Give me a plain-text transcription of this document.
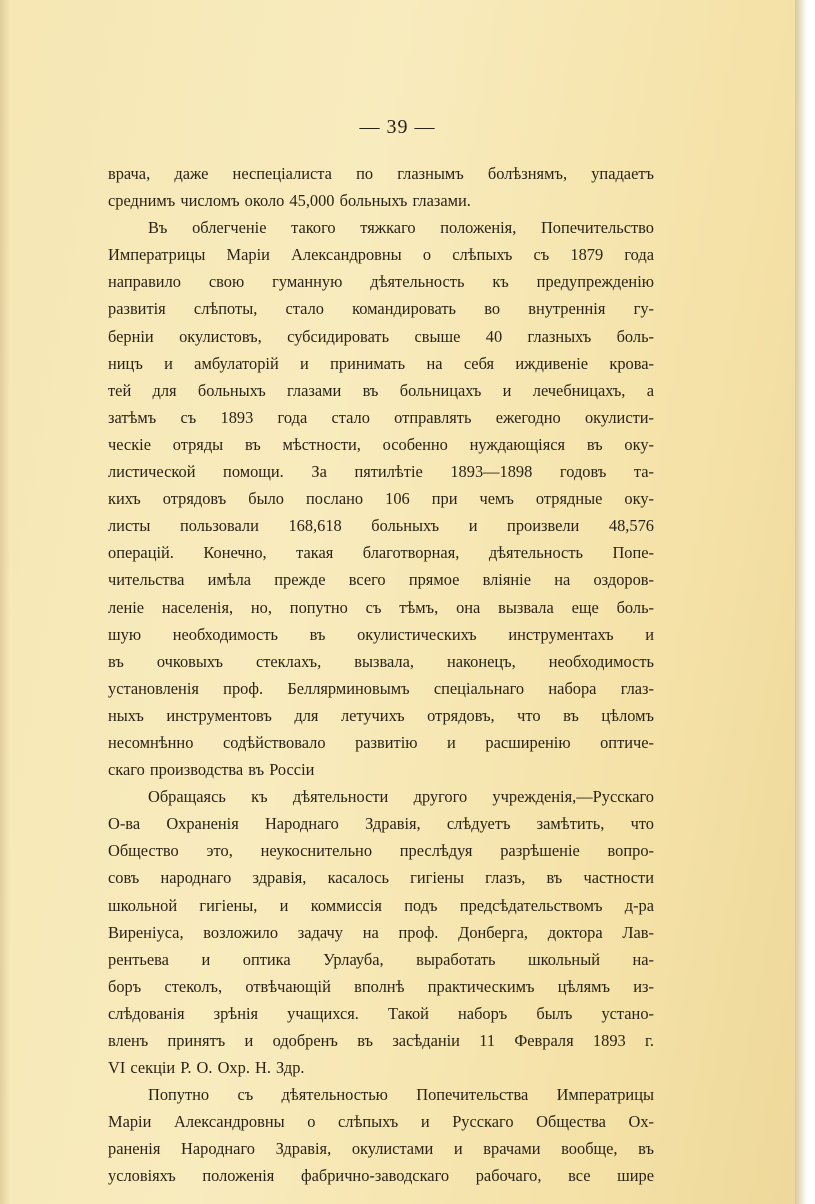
— 39 —
врача, даже неспеціалиста по глазнымъ болѣзнямъ, упадаетъ
среднимъ числомъ около 45,000 больныхъ глазами.
Въ облегченіе такого тяжкаго положенія, Попечительство
Императрицы Маріи Александровны о слѣпыхъ съ 1879 года
направило свою гуманную дѣятельность къ предупрежденію
развитія слѣпоты, стало командировать во внутреннія гу-
берніи окулистовъ, субсидировать свыше 40 глазныхъ боль-
ницъ и амбулаторій и принимать на себя иждивеніе крова-
тей для больныхъ глазами въ больницахъ и лечебницахъ, а
затѣмъ съ 1893 года стало отправлять ежегодно окулисти-
ческіе отряды въ мѣстности, особенно нуждающіяся въ оку-
листической помощи. За пятилѣтіе 1893—1898 годовъ та-
кихъ отрядовъ было послано 106 при чемъ отрядные оку-
листы пользовали 168,618 больныхъ и произвели 48,576
операцій. Конечно, такая благотворная, дѣятельность Попе-
чительства имѣла прежде всего прямое вліяніе на оздоров-
леніе населенія, но, попутно съ тѣмъ, она вызвала еще боль-
шую необходимость въ окулистическихъ инструментахъ и
въ очковыхъ стеклахъ, вызвала, наконецъ, необходимость
установленія проф. Беллярминовымъ спеціальнаго набора глаз-
ныхъ инструментовъ для летучихъ отрядовъ, что въ цѣломъ
несомнѣнно содѣйствовало развитію и расширенію оптиче-
скаго производства въ Россіи
Обращаясь къ дѣятельности другого учрежденія,—Русскаго
О-ва Охраненія Народнаго Здравія, слѣдуетъ замѣтить, что
Общество это, неукоснительно преслѣдуя разрѣшеніе вопро-
совъ народнаго здравія, касалось гигіены глазъ, въ частности
школьной гигіены, и коммиссія подъ предсѣдательствомъ д-ра
Виреніуса, возложило задачу на проф. Донберга, доктора Лав-
рентьева и оптика Урлауба, выработать школьный на-
боръ стеколъ, отвѣчающій вполнѣ практическимъ цѣлямъ из-
слѣдованія зрѣнія учащихся. Такой наборъ былъ устано-
вленъ принятъ и одобренъ въ засѣданіи 11 Февраля 1893 г.
VI секціи Р. О. Охр. Н. Здр.
Попутно съ дѣятельностью Попечительства Императрицы
Маріи Александровны о слѣпыхъ и Русскаго Общества Ох-
раненія Народнаго Здравія, окулистами и врачами вообще, въ
условіяхъ положенія фабрично-заводскаго рабочаго, все шире
